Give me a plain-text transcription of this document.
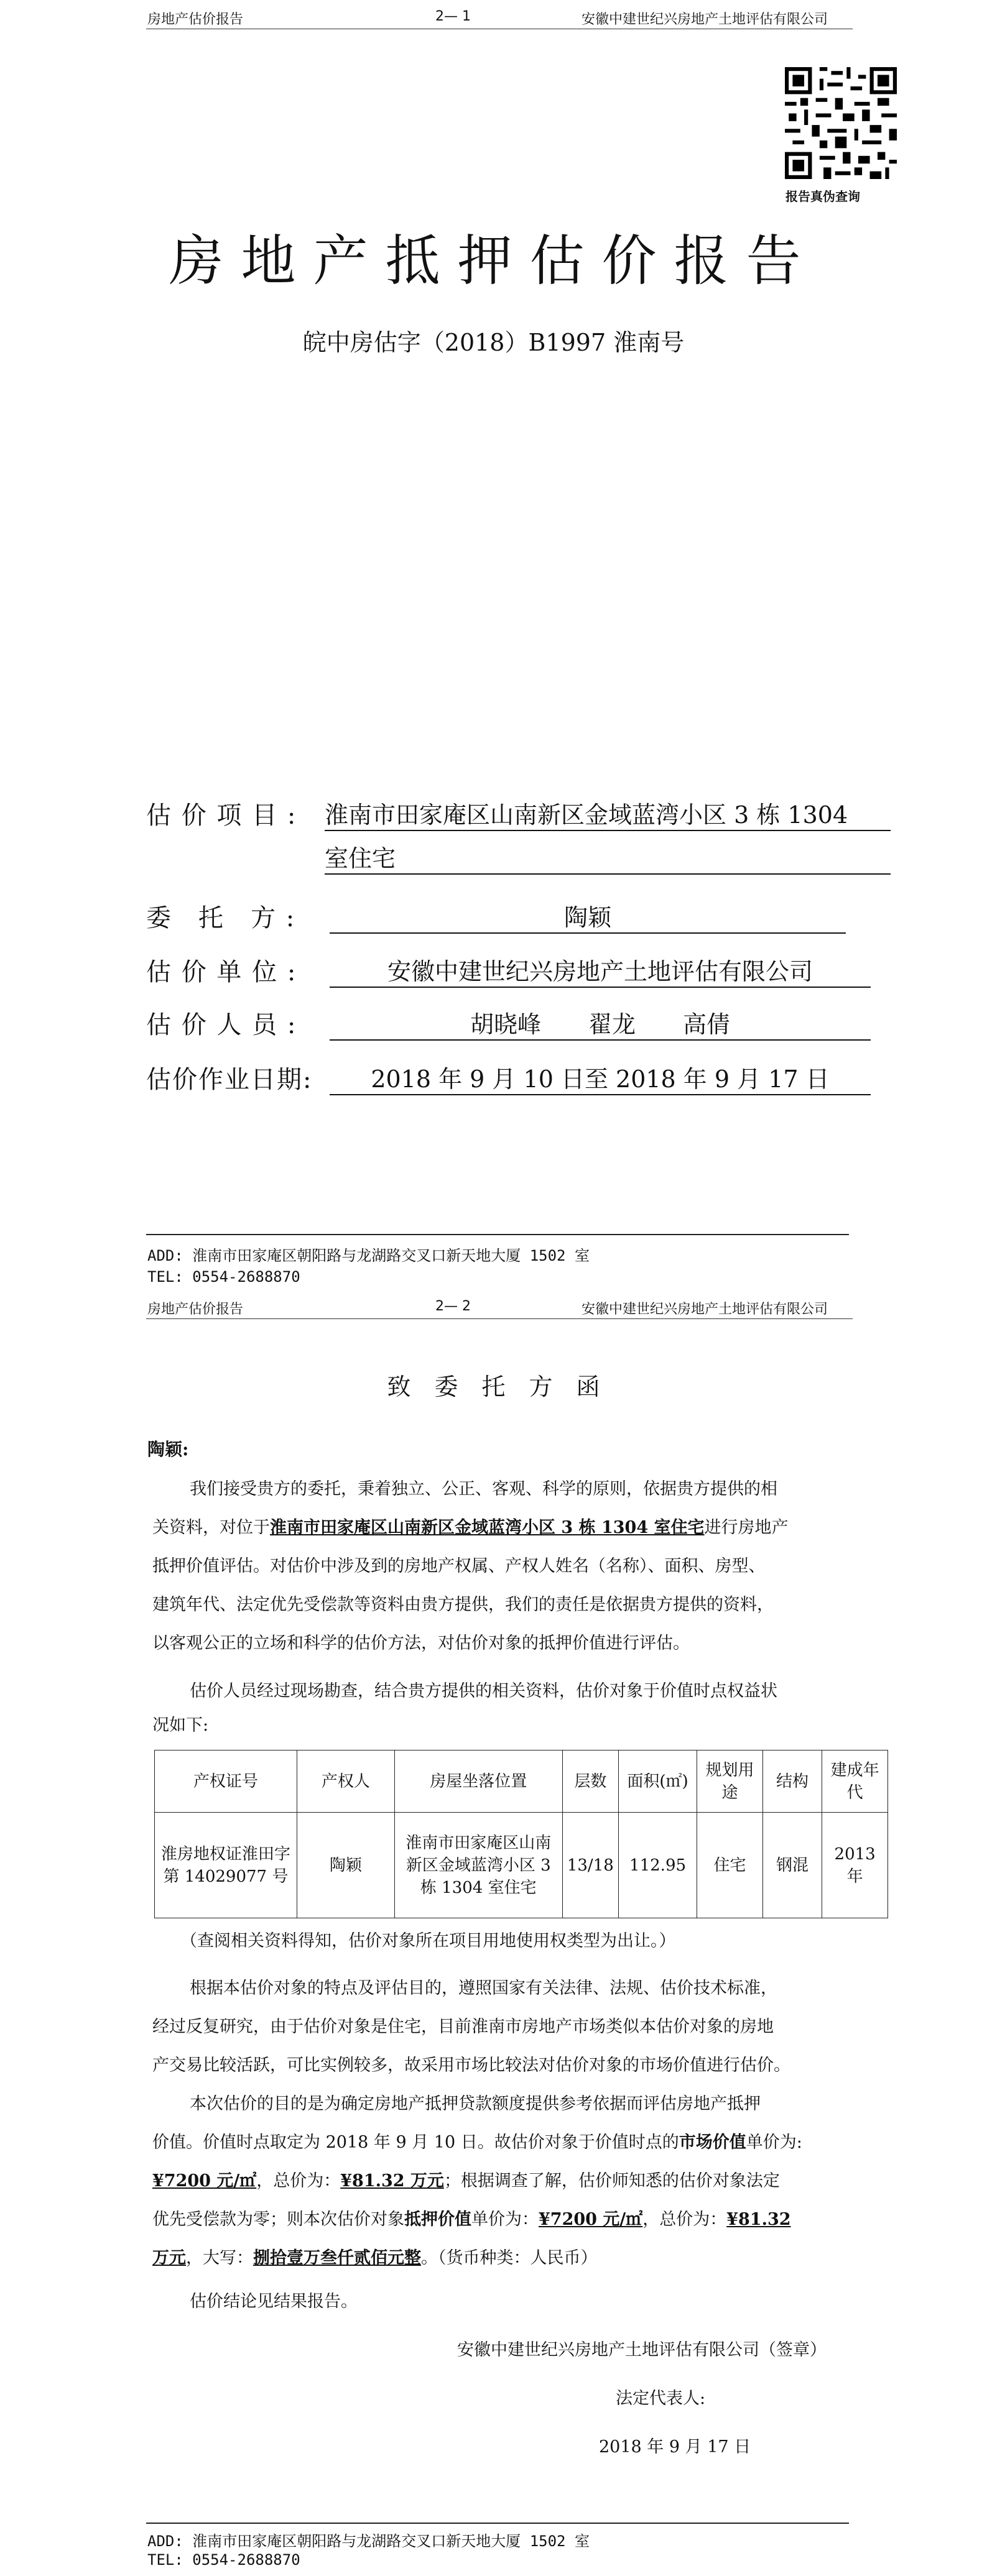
房地产估价报告	2— 1	安徽中建世纪兴房地产土地评估有限公司
报告真伪查询
房地产抵押估价报告
皖中房估字（2018）B1997 淮南号
估 价 项 目 : 淮南市田家庵区山南新区金域蓝湾小区 3 栋 1304
室住宅
委　托　方 :	陶颖
估 价 单 位 :	安徽中建世纪兴房地产土地评估有限公司
估 价 人 员 :	胡晓峰　　翟龙　　高倩
估价作业日期:	2018 年 9 月 10 日至 2018 年 9 月 17 日
ADD: 淮南市田家庵区朝阳路与龙湖路交叉口新天地大厦 1502 室
TEL: 0554-2688870
房地产估价报告	2— 2	安徽中建世纪兴房地产土地评估有限公司
致　委　托　方　函
陶颖:
我们接受贵方的委托，秉着独立、公正、客观、科学的原则，依据贵方提供的相
关资料，对位于淮南市田家庵区山南新区金域蓝湾小区 3 栋 1304 室住宅进行房地产
抵押价值评估。对估价中涉及到的房地产权属、产权人姓名（名称）、面积、房型、
建筑年代、法定优先受偿款等资料由贵方提供，我们的责任是依据贵方提供的资料，
以客观公正的立场和科学的估价方法，对估价对象的抵押价值进行评估。
估价人员经过现场勘查，结合贵方提供的相关资料，估价对象于价值时点权益状
况如下:
产权证号	产权人	房屋坐落位置	层数	面积(㎡)	规划用途	结构	建成年代
淮房地权证淮田字第 14029077 号	陶颖	淮南市田家庵区山南新区金域蓝湾小区 3 栋 1304 室住宅	13/18	112.95	住宅	钢混	2013 年
（查阅相关资料得知，估价对象所在项目用地使用权类型为出让。）
根据本估价对象的特点及评估目的，遵照国家有关法律、法规、估价技术标准，
经过反复研究，由于估价对象是住宅，目前淮南市房地产市场类似本估价对象的房地
产交易比较活跃，可比实例较多，故采用市场比较法对估价对象的市场价值进行估价。
本次估价的目的是为确定房地产抵押贷款额度提供参考依据而评估房地产抵押
价值。价值时点取定为 2018 年 9 月 10 日。故估价对象于价值时点的市场价值单价为:
¥7200 元/㎡，总价为：¥81.32 万元；根据调查了解，估价师知悉的估价对象法定
优先受偿款为零；则本次估价对象抵押价值单价为：¥7200 元/㎡，总价为：¥81.32
万元，大写：捌拾壹万叁仟贰佰元整。（货币种类：人民币）
估价结论见结果报告。
安徽中建世纪兴房地产土地评估有限公司（签章）
法定代表人:
2018 年 9 月 17 日
ADD: 淮南市田家庵区朝阳路与龙湖路交叉口新天地大厦 1502 室
TEL: 0554-2688870
